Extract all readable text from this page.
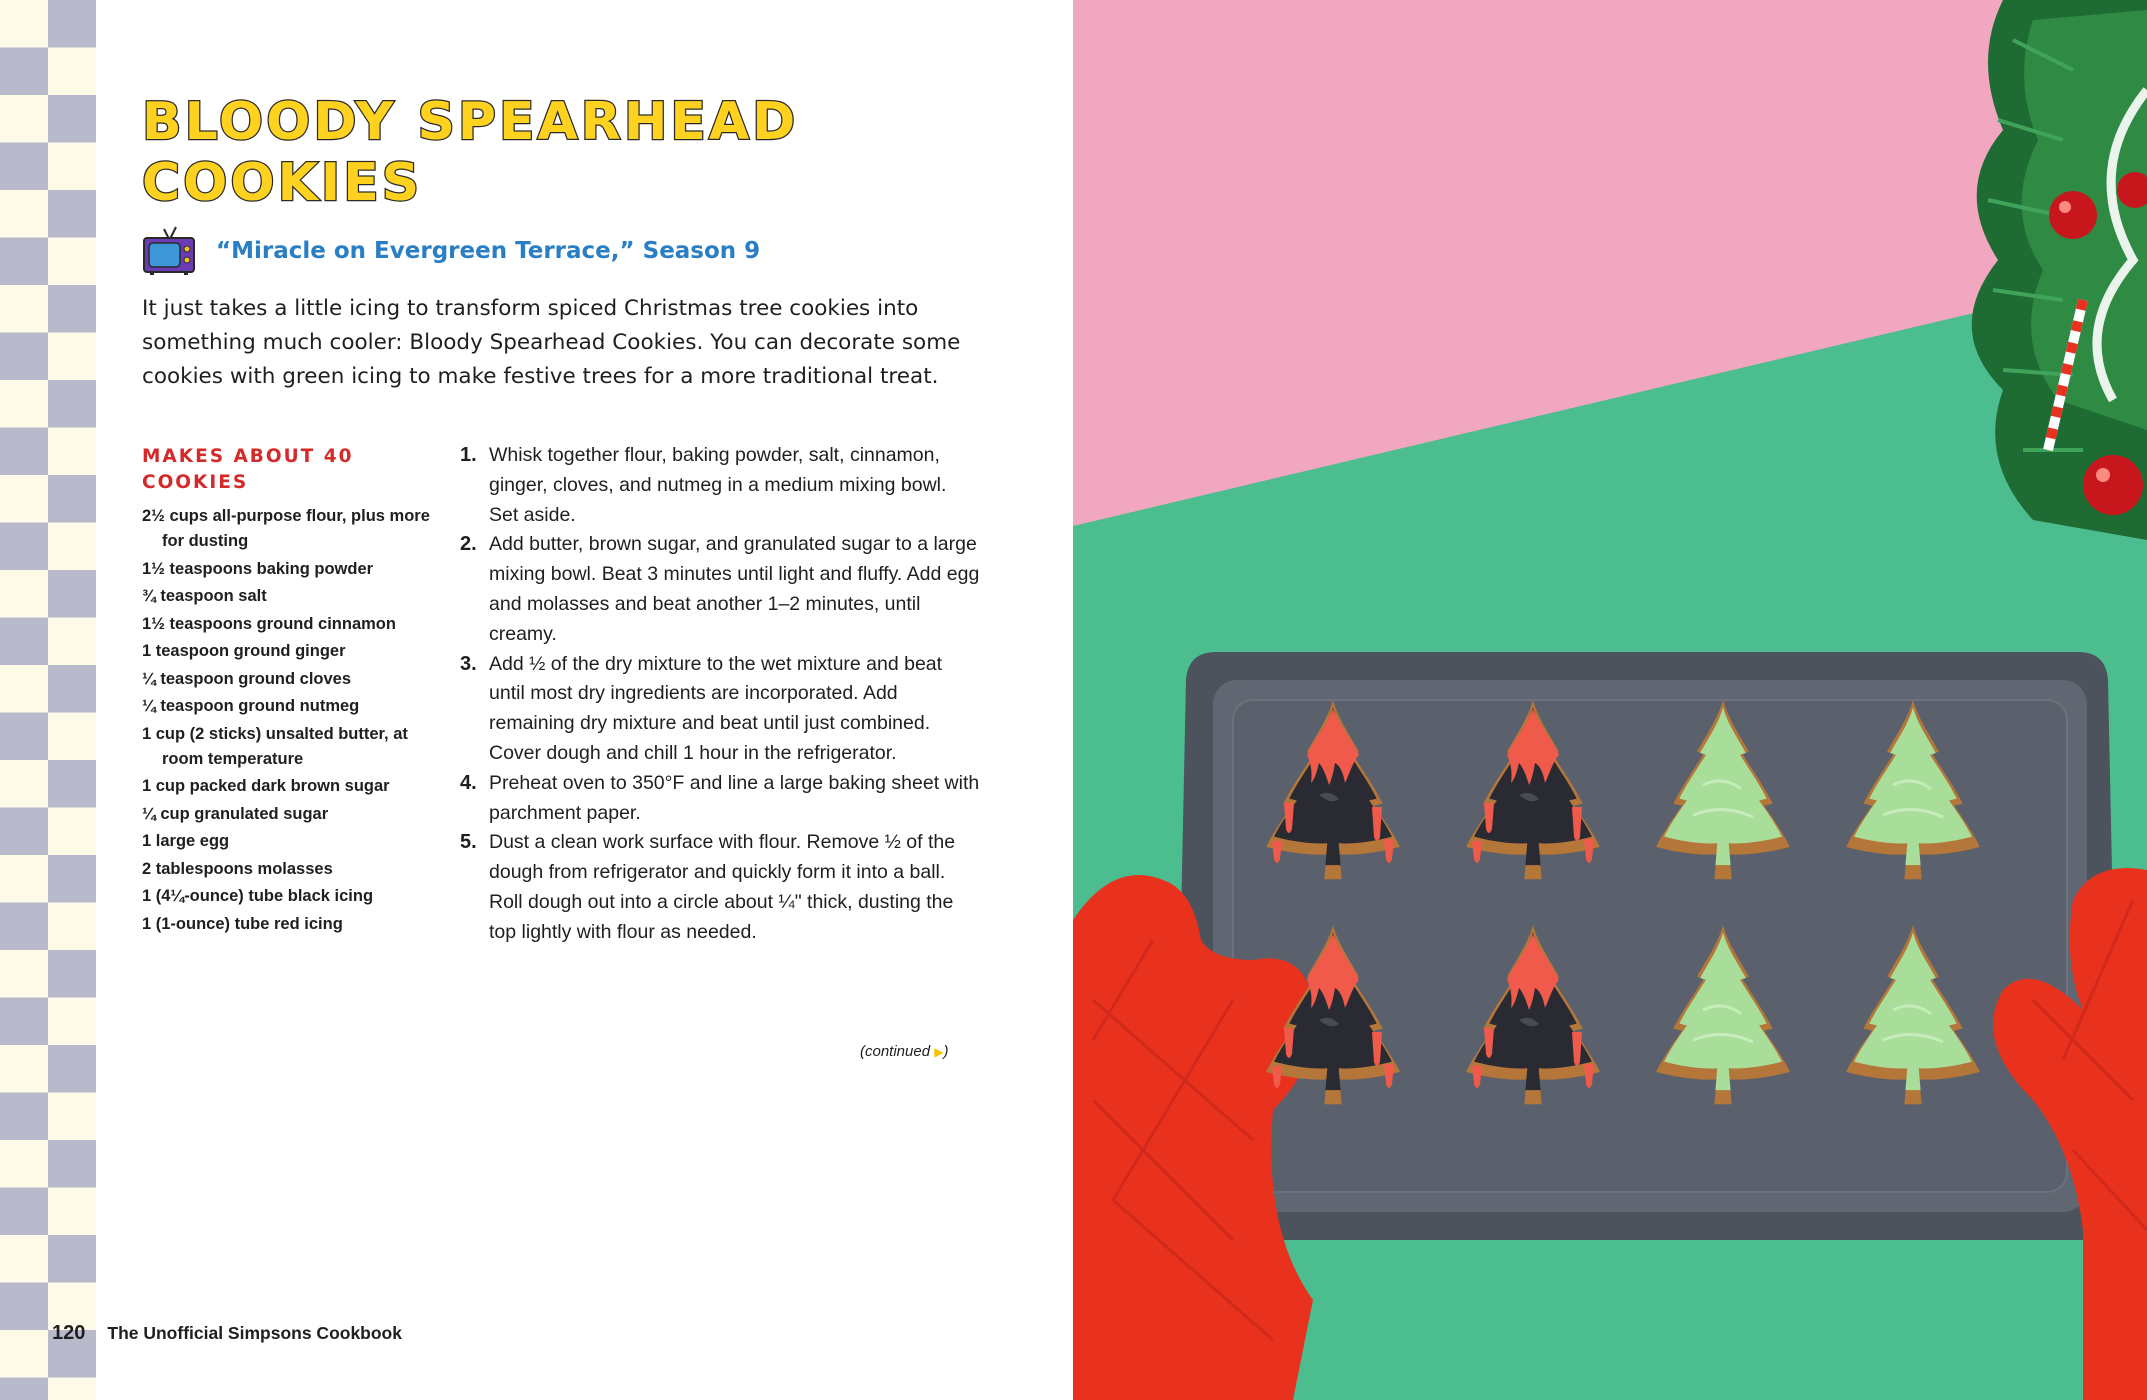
BLOODY SPEARHEAD
COOKIES
“Miracle on Evergreen Terrace,” Season 9

It just takes a little icing to transform spiced Christmas tree cookies into something much cooler: Bloody Spearhead Cookies. You can decorate some cookies with green icing to make festive trees for a more traditional treat.

MAKES ABOUT 40 COOKIES

2½ cups all-purpose flour, plus more for dusting
1½ teaspoons baking powder
¾ teaspoon salt
1½ teaspoons ground cinnamon
1 teaspoon ground ginger
¼ teaspoon ground cloves
¼ teaspoon ground nutmeg
1 cup (2 sticks) unsalted butter, at room temperature
1 cup packed dark brown sugar
¼ cup granulated sugar
1 large egg
2 tablespoons molasses
1 (4¼-ounce) tube black icing
1 (1-ounce) tube red icing
1. Whisk together flour, baking powder, salt, cinnamon, ginger, cloves, and nutmeg in a medium mixing bowl. Set aside.
2. Add butter, brown sugar, and granulated sugar to a large mixing bowl. Beat 3 minutes until light and fluffy. Add egg and molasses and beat another 1–2 minutes, until creamy.
3. Add ½ of the dry mixture to the wet mixture and beat until most dry ingredients are incorporated. Add remaining dry mixture and beat until just combined. Cover dough and chill 1 hour in the refrigerator.
4. Preheat oven to 350°F and line a large baking sheet with parchment paper.
5. Dust a clean work surface with flour. Remove ½ of the dough from refrigerator and quickly form it into a ball. Roll dough out into a circle about ¼" thick, dusting the top lightly with flour as needed.
(continued ▶)
120 The Unofficial Simpsons Cookbook
